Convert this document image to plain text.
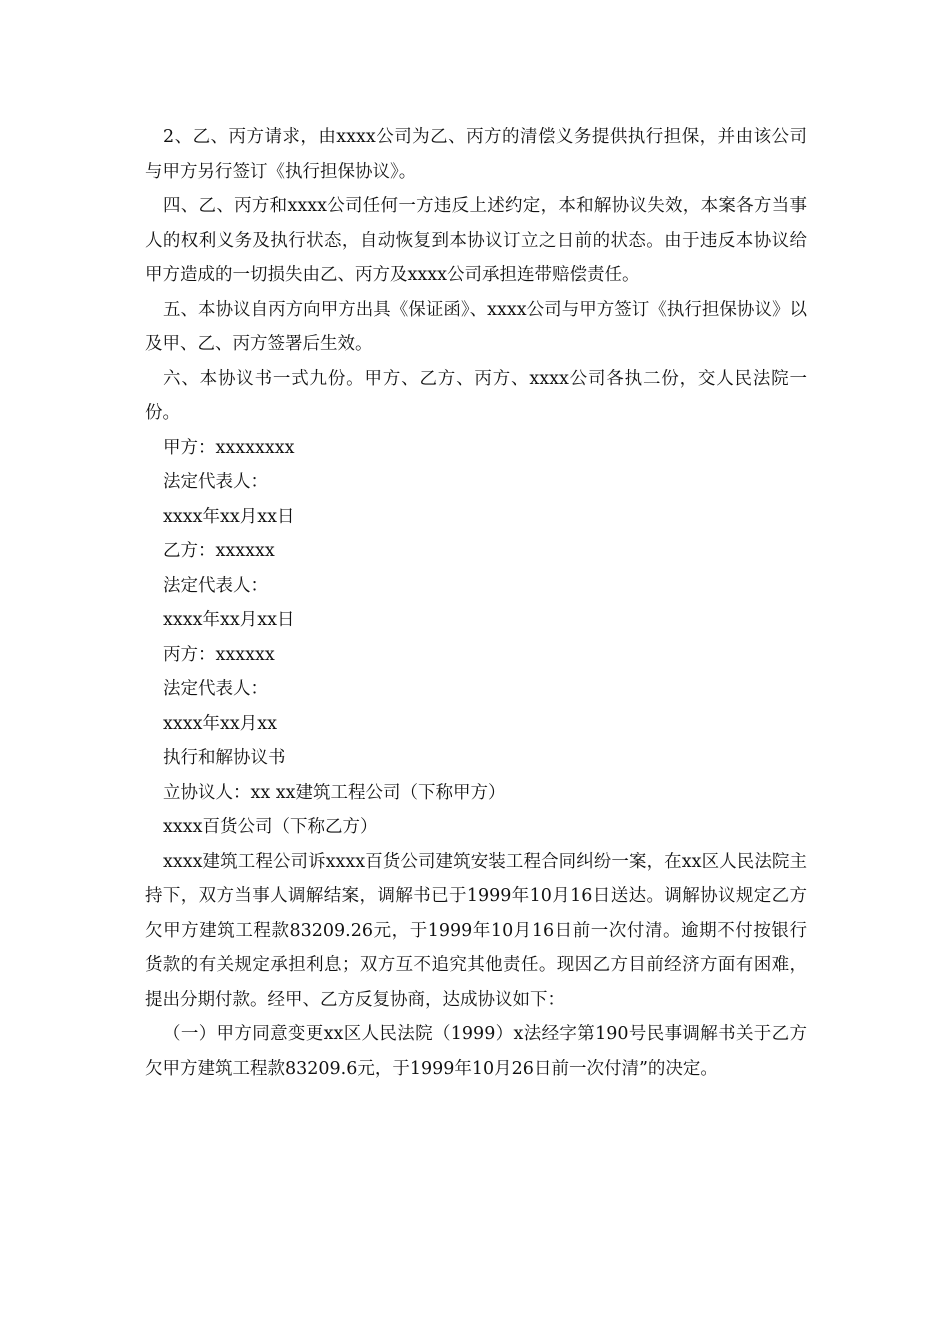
2、乙、丙方请求，由xxxx公司为乙、丙方的清偿义务提供执行担保，并由该公司与甲方另行签订《执行担保协议》。

四、乙、丙方和xxxx公司任何一方违反上述约定，本和解协议失效，本案各方当事人的权利义务及执行状态，自动恢复到本协议订立之日前的状态。由于违反本协议给甲方造成的一切损失由乙、丙方及xxxx公司承担连带赔偿责任。

五、本协议自丙方向甲方出具《保证函》、xxxx公司与甲方签订《执行担保协议》以及甲、乙、丙方签署后生效。

六、本协议书一式九份。甲方、乙方、丙方、xxxx公司各执二份，交人民法院一份。

甲方：xxxxxxxx

法定代表人：

xxxx年xx月xx日

乙方：xxxxxx

法定代表人：

xxxx年xx月xx日

丙方：xxxxxx

法定代表人：

xxxx年xx月xx

执行和解协议书

立协议人：xx xx建筑工程公司（下称甲方）

xxxx百货公司（下称乙方）

xxxx建筑工程公司诉xxxx百货公司建筑安装工程合同纠纷一案，在xx区人民法院主持下，双方当事人调解结案，调解书已于1999年10月16日送达。调解协议规定乙方欠甲方建筑工程款83209.26元，于1999年10月16日前一次付清。逾期不付按银行货款的有关规定承担利息；双方互不追究其他责任。现因乙方目前经济方面有困难，提出分期付款。经甲、乙方反复协商，达成协议如下：

（一）甲方同意变更xx区人民法院（1999）x法经字第190号民事调解书关于乙方欠甲方建筑工程款83209.6元，于1999年10月26日前一次付清”的决定。
